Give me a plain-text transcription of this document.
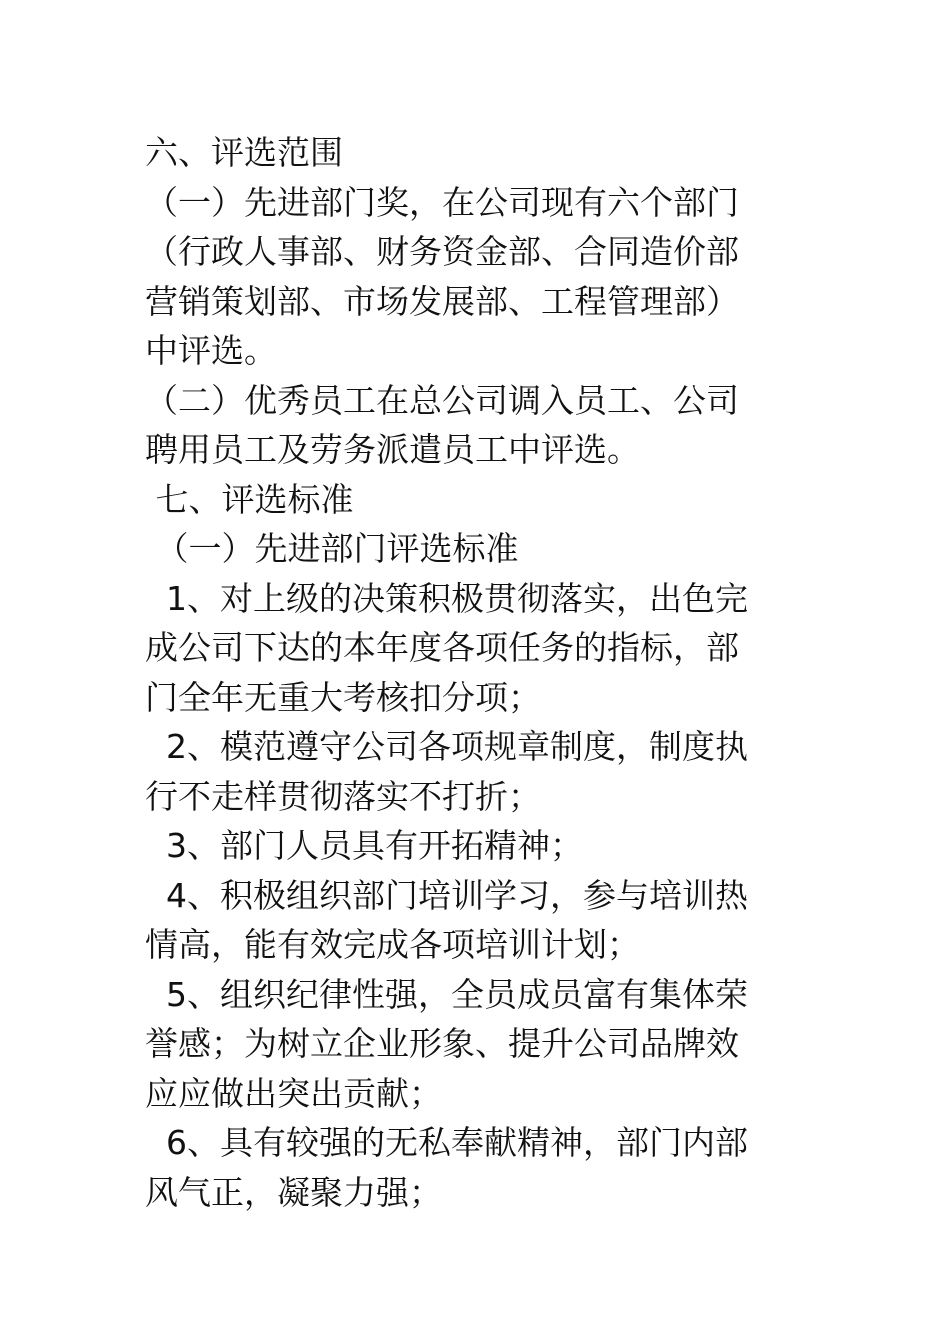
六、评选范围
（一）先进部门奖，在公司现有六个部门
（行政人事部、财务资金部、合同造价部
营销策划部、市场发展部、工程管理部）
中评选。
（二）优秀员工在总公司调入员工、公司
聘用员工及劳务派遣员工中评选。
七、评选标准
（一）先进部门评选标准
1、对上级的决策积极贯彻落实，出色完
成公司下达的本年度各项任务的指标，部
门全年无重大考核扣分项；
2、模范遵守公司各项规章制度，制度执
行不走样贯彻落实不打折；
3、部门人员具有开拓精神；
4、积极组织部门培训学习，参与培训热
情高，能有效完成各项培训计划；
5、组织纪律性强，全员成员富有集体荣
誉感；为树立企业形象、提升公司品牌效
应应做出突出贡献；
6、具有较强的无私奉献精神，部门内部
风气正，凝聚力强；
